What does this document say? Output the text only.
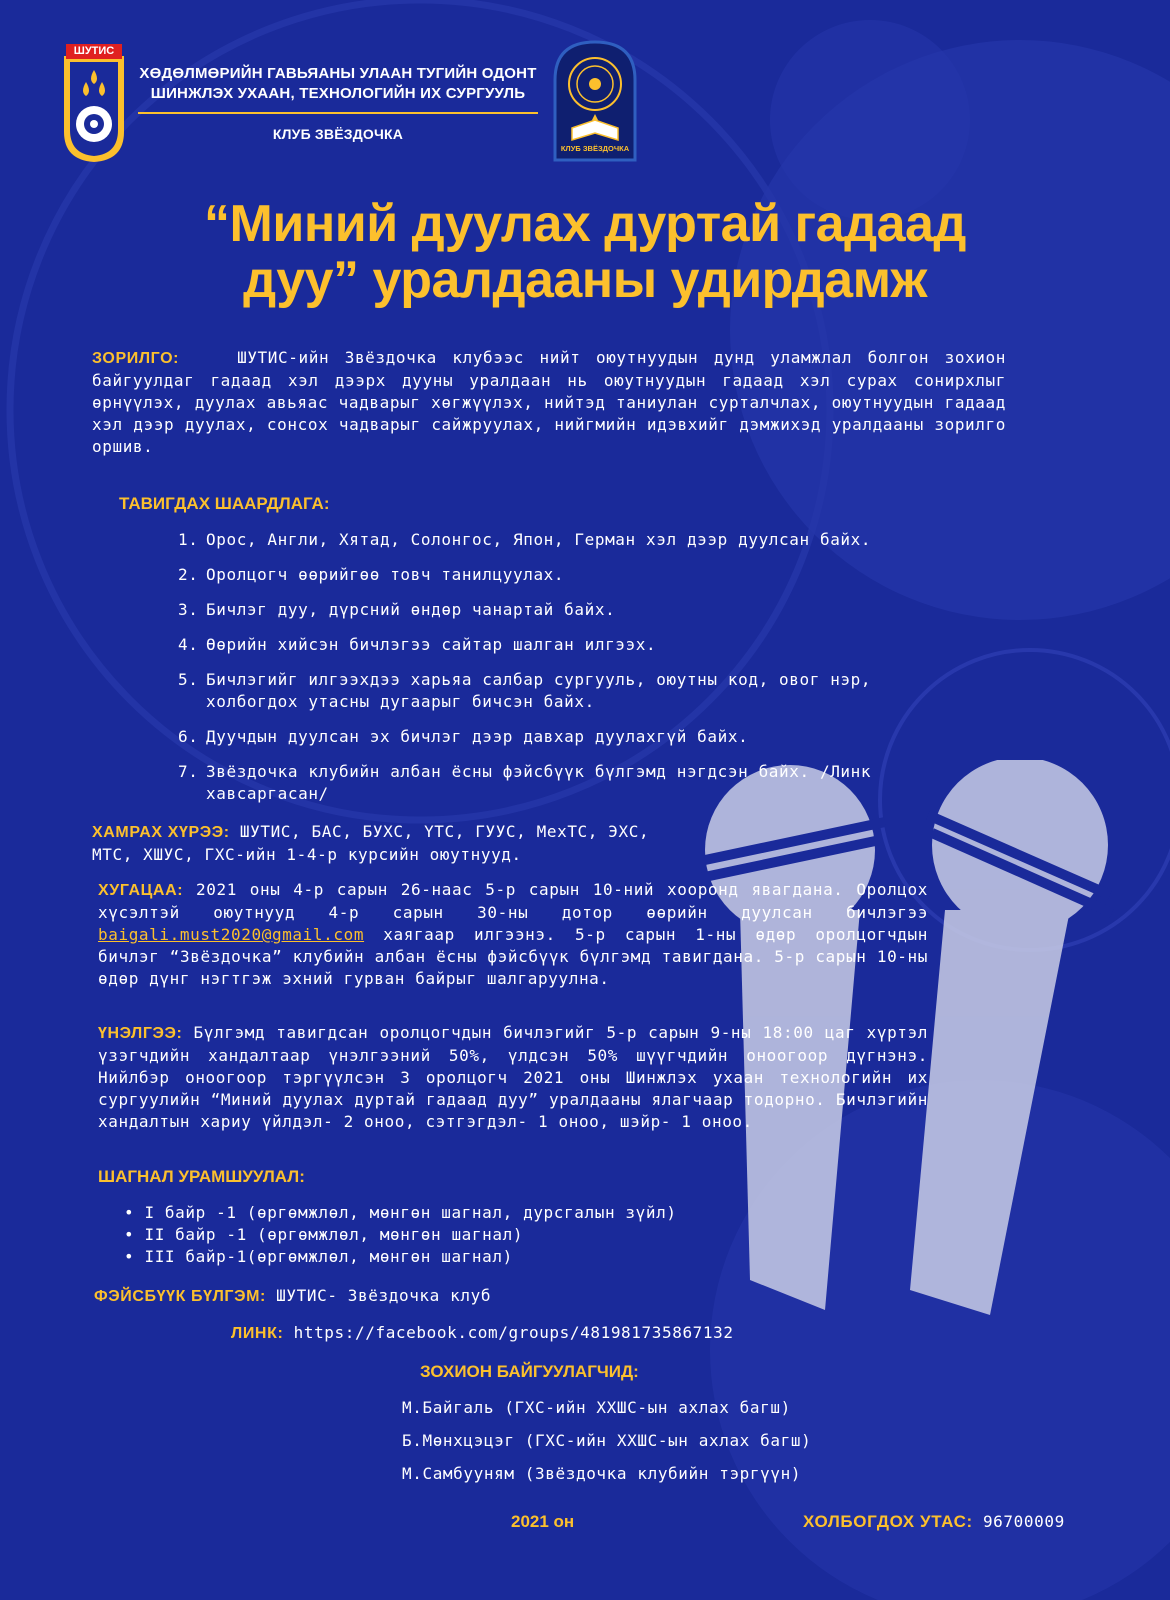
ШУТИС
ХӨДӨЛМӨРИЙН ГАВЬЯАНЫ УЛААН ТУГИЙН ОДОНТ
ШИНЖЛЭХ УХААН, ТЕХНОЛОГИЙН ИХ СУРГУУЛЬ
КЛУБ ЗВЁЗДОЧКА
КЛУБ ЗВЁЗДОЧКА
“Миний дуулах дуртай гадаад
дуу” уралдааны удирдамж
ЗОРИЛГО:	ШУТИС-ийн Звёздочка клубээс нийт оюутнуудын дунд уламжлал болгон зохион байгуулдаг гадаад хэл дээрх дууны уралдаан нь оюутнуудын гадаад хэл сурах сонирхлыг өрнүүлэх, дуулах авьяас чадварыг хөгжүүлэх, нийтэд таниулан сурталчлах, оюутнуудын гадаад хэл дээр дуулах, сонсох чадварыг сайжруулах, нийгмийн идэвхийг дэмжихэд уралдааны зорилго оршив.
ТАВИГДАХ ШААРДЛАГА:
1. Орос, Англи, Хятад, Солонгос, Япон, Герман хэл дээр дуулсан байх.
2. Оролцогч өөрийгөө товч танилцуулах.
3. Бичлэг дуу, дүрсний өндөр чанартай байх.
4. Өөрийн хийсэн бичлэгээ сайтар шалган илгээх.
5. Бичлэгийг илгээхдээ харьяа салбар сургууль, оюутны код, овог нэр, холбогдох утасны дугаарыг бичсэн байх.
6. Дуучдын дуулсан эх бичлэг дээр давхар дуулахгүй байх.
7. Звёздочка клубийн албан ёсны фэйсбүүк бүлгэмд нэгдсэн байх. /Линк хавсаргасан/
ХАМРАХ ХҮРЭЭ: ШУТИС, БАС, БУХС, ҮТС, ГУУС, МехТС, ЭХС,
МТС, ХШУС, ГХС-ийн 1-4-р курсийн оюутнууд.
ХУГАЦАА: 2021 оны 4-р сарын 26-наас 5-р сарын 10-ний хооронд явагдана. Оролцох хүсэлтэй оюутнууд 4-р сарын 30-ны дотор өөрийн дуулсан бичлэгээ baigali.must2020@gmail.com хаягаар илгээнэ. 5-р сарын 1-ны өдөр оролцогчдын бичлэг “Звёздочка” клубийн албан ёсны фэйсбүүк бүлгэмд тавигдана. 5-р сарын 10-ны өдөр дүнг нэгтгэж эхний гурван байрыг шалгаруулна.
ҮНЭЛГЭЭ: Бүлгэмд тавигдсан оролцогчдын бичлэгийг 5-р сарын 9-ны 18:00 цаг хүртэл үзэгчдийн хандалтаар үнэлгээний 50%, үлдсэн 50% шүүгчдийн оноогоор дүгнэнэ. Нийлбэр оноогоор тэргүүлсэн 3 оролцогч 2021 оны Шинжлэх ухаан технологийн их сургуулийн “Миний дуулах дуртай гадаад дуу” уралдааны ялагчаар тодорно. Бичлэгийн хандалтын хариу үйлдэл- 2 оноо, сэтгэгдэл- 1 оноо, шэйр- 1 оноо.
ШАГНАЛ УРАМШУУЛАЛ:
• I байр -1 (өргөмжлөл, мөнгөн шагнал, дурсгалын зүйл)
• II байр -1 (өргөмжлөл, мөнгөн шагнал)
• III байр-1(өргөмжлөл, мөнгөн шагнал)
ФЭЙСБҮҮК БҮЛГЭМ: ШУТИС- Звёздочка клуб
ЛИНК: https://facebook.com/groups/481981735867132
ЗОХИОН БАЙГУУЛАГЧИД:
М.Байгаль (ГХС-ийн ХХШС-ын ахлах багш)
Б.Мөнхцэцэг (ГХС-ийн ХХШС-ын ахлах багш)
М.Самбууням (Звёздочка клубийн тэргүүн)
2021 он	ХОЛБОГДОХ УТАС: 96700009
